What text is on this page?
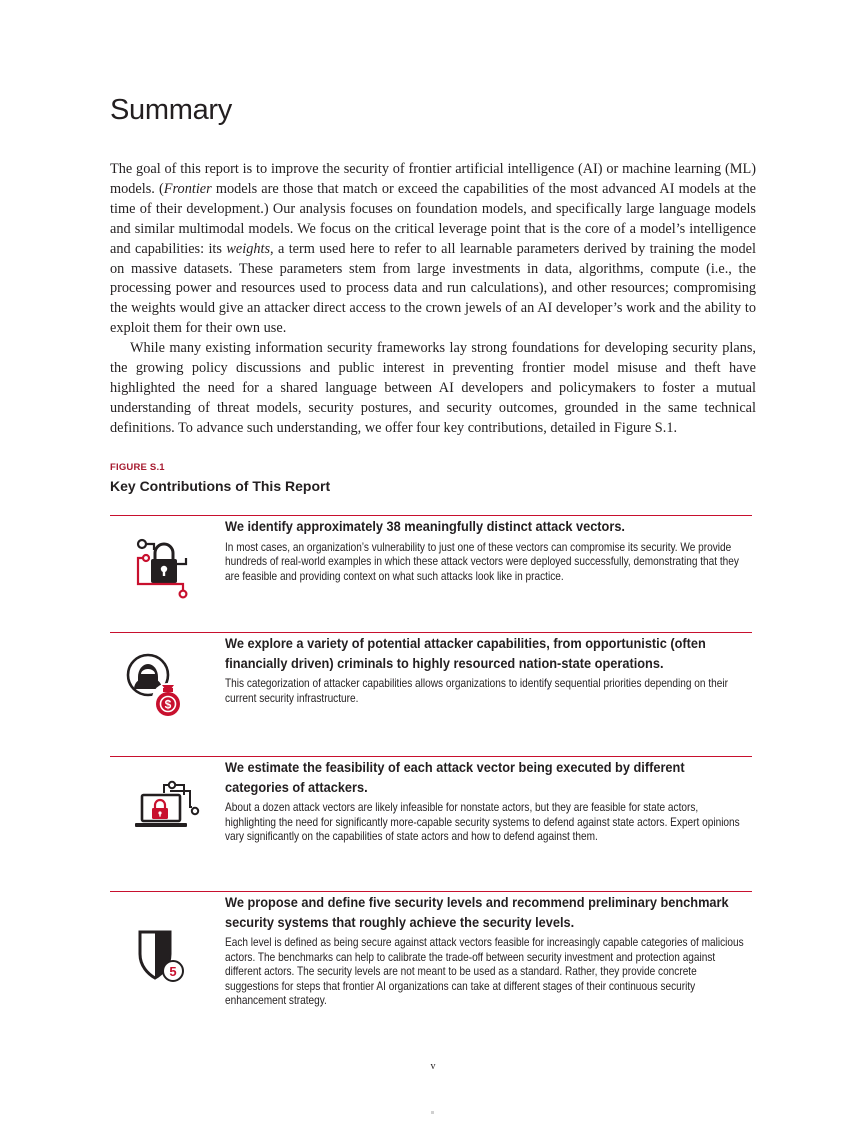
Summary

The goal of this report is to improve the security of frontier artificial intelligence (AI) or machine learning (ML) models. (Frontier models are those that match or exceed the capabilities of the most advanced AI models at the time of their development.) Our analysis focuses on foundation models, and specifically large language models and similar multimodal models. We focus on the critical leverage point that is the core of a model’s intelligence and capabilities: its weights, a term used here to refer to all learnable parameters derived by training the model on massive datasets. These parameters stem from large investments in data, algorithms, compute (i.e., the processing power and resources used to process data and run calculations), and other resources; compromising the weights would give an attacker direct access to the crown jewels of an AI developer’s work and the ability to exploit them for their own use.

While many existing information security frameworks lay strong foundations for developing security plans, the growing policy discussions and public interest in preventing frontier model misuse and theft have highlighted the need for a shared language between AI developers and policymakers to foster a mutual understanding of threat models, security postures, and security outcomes, grounded in the same technical definitions. To advance such understanding, we offer four key contributions, detailed in Figure S.1.

FIGURE S.1
Key Contributions of This Report
We identify approximately 38 meaningfully distinct attack vectors.
In most cases, an organization’s vulnerability to just one of these vectors can compromise its security. We provide hundreds of real-world examples in which these attack vectors were deployed successfully, demonstrating that they are feasible and providing context on what such attacks look like in practice.
$
We explore a variety of potential attacker capabilities, from opportunistic (often financially driven) criminals to highly resourced nation-state operations.
This categorization of attacker capabilities allows organizations to identify sequential priorities depending on their current security infrastructure.
We estimate the feasibility of each attack vector being executed by different categories of attackers.
About a dozen attack vectors are likely infeasible for nonstate actors, but they are feasible for state actors, highlighting the need for significantly more-capable security systems to defend against state actors. Expert opinions vary significantly on the capabilities of state actors and how to defend against them.
5
We propose and define five security levels and recommend preliminary benchmark security systems that roughly achieve the security levels.
Each level is defined as being secure against attack vectors feasible for increasingly capable categories of malicious actors. The benchmarks can help to calibrate the trade-off between security investment and protection against different actors. The security levels are not meant to be used as a standard. Rather, they provide concrete suggestions for steps that frontier AI organizations can take at different stages of their continuous security enhancement strategy.
v
